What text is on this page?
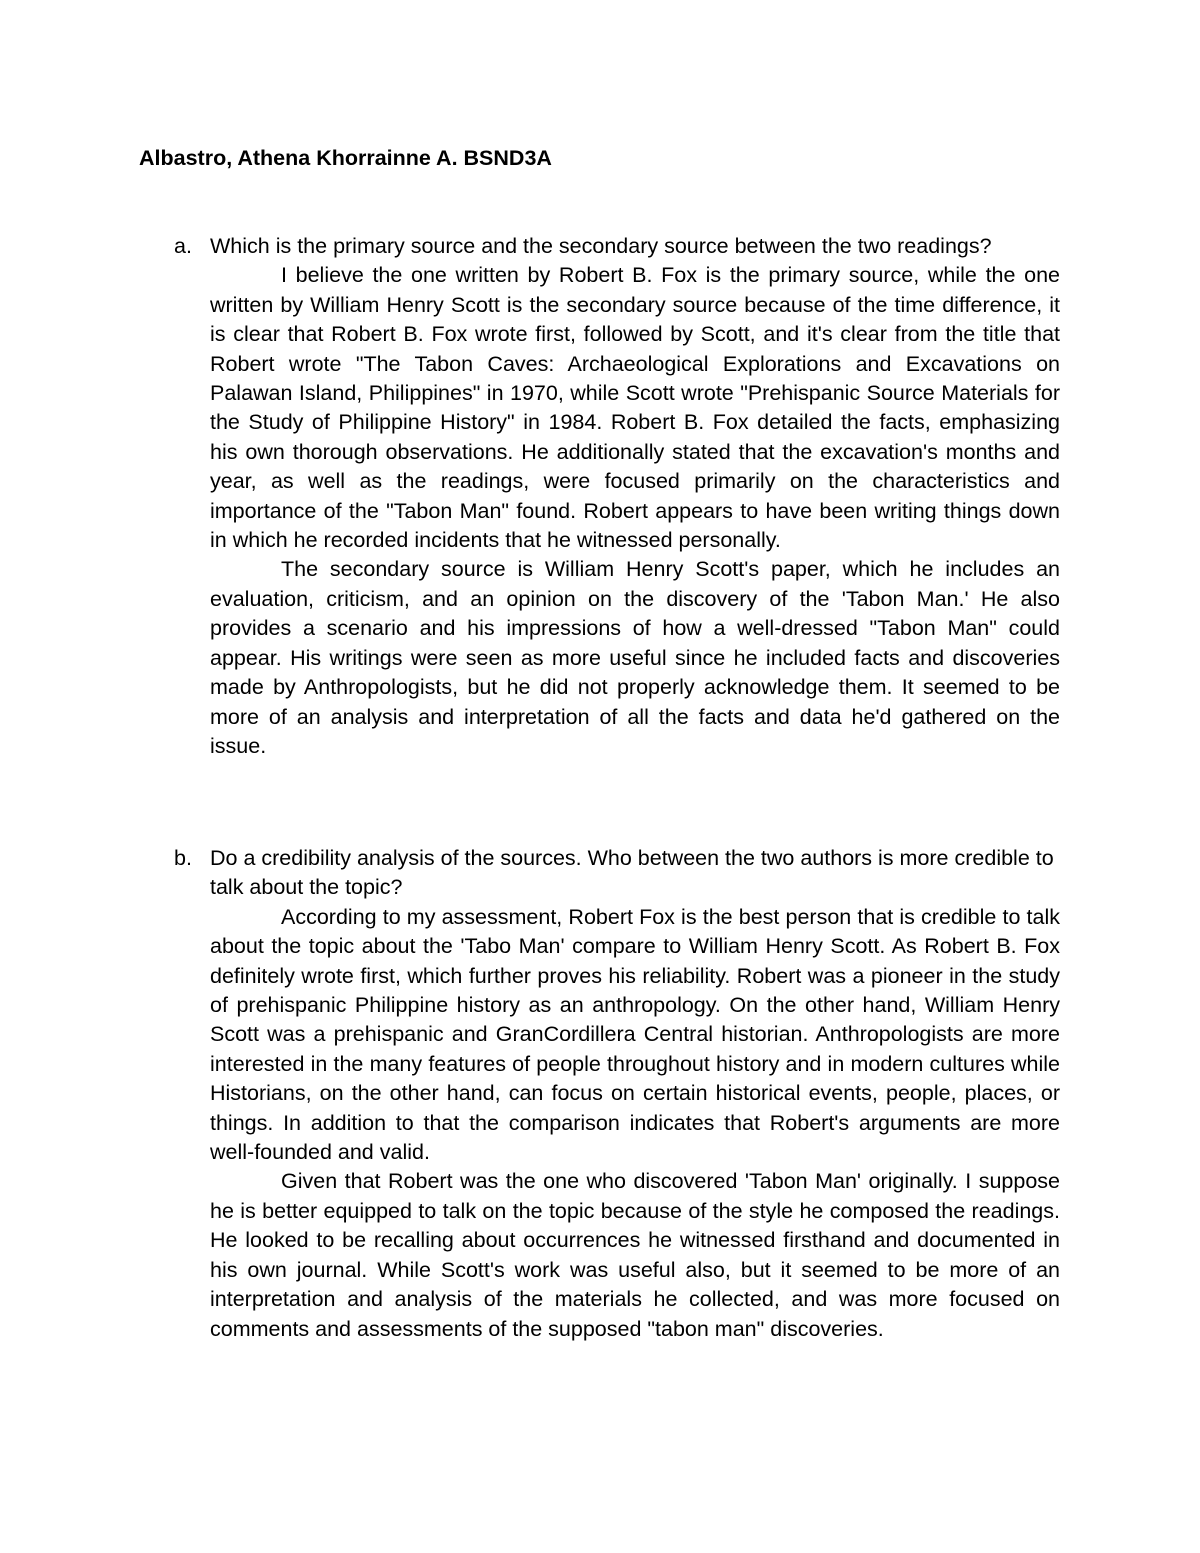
Albastro, Athena Khorrainne A. BSND3A
a. Which is the primary source and the secondary source between the two readings?

I believe the one written by Robert B. Fox is the primary source, while the one written by William Henry Scott is the secondary source because of the time difference, it is clear that Robert B. Fox wrote first, followed by Scott, and it's clear from the title that Robert wrote "The Tabon Caves: Archaeological Explorations and Excavations on Palawan Island, Philippines" in 1970, while Scott wrote "Prehispanic Source Materials for the Study of Philippine History" in 1984. Robert B. Fox detailed the facts, emphasizing his own thorough observations. He additionally stated that the excavation's months and year, as well as the readings, were focused primarily on the characteristics and importance of the "Tabon Man" found. Robert appears to have been writing things down in which he recorded incidents that he witnessed personally.

The secondary source is William Henry Scott's paper, which he includes an evaluation, criticism, and an opinion on the discovery of the 'Tabon Man.' He also provides a scenario and his impressions of how a well-dressed "Tabon Man" could appear. His writings were seen as more useful since he included facts and discoveries made by Anthropologists, but he did not properly acknowledge them. It seemed to be more of an analysis and interpretation of all the facts and data he'd gathered on the issue.

b. Do a credibility analysis of the sources. Who between the two authors is more credible to talk about the topic?

According to my assessment, Robert Fox is the best person that is credible to talk about the topic about the 'Tabo Man' compare to William Henry Scott. As Robert B. Fox definitely wrote first, which further proves his reliability. Robert was a pioneer in the study of prehispanic Philippine history as an anthropology. On the other hand, William Henry Scott was a prehispanic and GranCordillera Central historian. Anthropologists are more interested in the many features of people throughout history and in modern cultures while Historians, on the other hand, can focus on certain historical events, people, places, or things. In addition to that the comparison indicates that Robert's arguments are more well-founded and valid.

Given that Robert was the one who discovered 'Tabon Man' originally. I suppose he is better equipped to talk on the topic because of the style he composed the readings. He looked to be recalling about occurrences he witnessed firsthand and documented in his own journal. While Scott's work was useful also, but it seemed to be more of an interpretation and analysis of the materials he collected, and was more focused on comments and assessments of the supposed "tabon man" discoveries.
